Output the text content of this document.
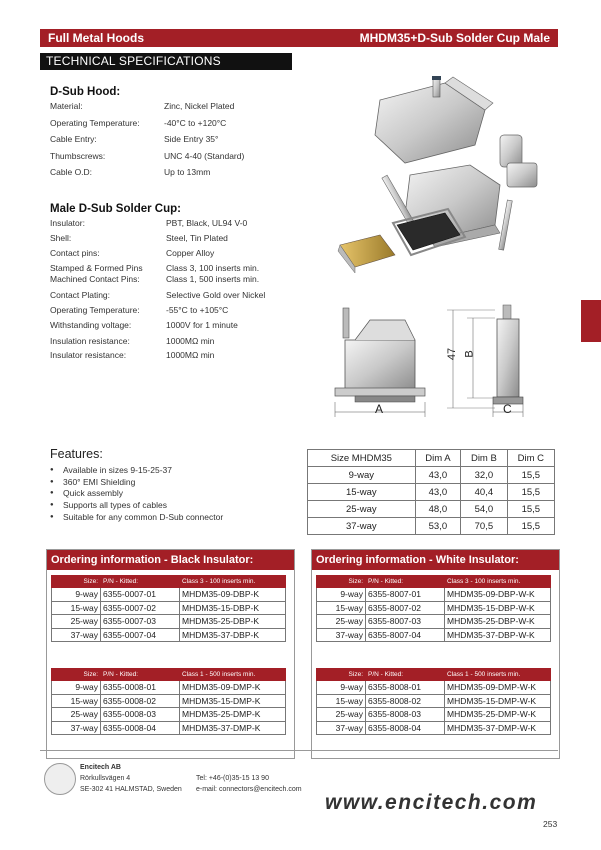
Full Metal Hoods	MHDM35+D-Sub Solder Cup Male
TECHNICAL SPECIFICATIONS
D-Sub Hood:
Material:	Zinc, Nickel Plated
Operating Temperature:	-40°C to +120°C
Cable Entry:	Side Entry 35°
Thumbscrews:	UNC 4-40 (Standard)
Cable O.D:	Up to 13mm
Male D-Sub Solder Cup:
Insulator:	PBT, Black, UL94 V-0
Shell:	Steel, Tin Plated
Contact pins:	Copper Alloy
Stamped & Formed Pins	Class 3, 100 inserts min.
Machined Contact Pins:	Class 1, 500 inserts min.
Contact Plating:	Selective Gold over Nickel
Operating Temperature:	-55°C to +105°C
Withstanding voltage:	1000V for 1 minute
Insulation resistance:	1000MΩ min
Insulator resistance:	1000MΩ min	47 B
A	C
Features:
● Available in sizes 9-15-25-37
● 360° EMI Shielding
● Quick assembly
● Supports all types of cables
● Suitable for any common D-Sub connector
Size MHDM35	Dim A	Dim B	Dim C
9-way	43,0	32,0	15,5
15-way	43,0	40,4	15,5
25-way	48,0	54,0	15,5
37-way	53,0	70,5	15,5
Ordering information - Black Insulator:
Size:	P/N - Kitted:	Class 3 - 100 inserts min.
9-way	6355-0007-01	MHDM35-09-DBP-K
15-way	6355-0007-02	MHDM35-15-DBP-K
25-way	6355-0007-03	MHDM35-25-DBP-K
37-way	6355-0007-04	MHDM35-37-DBP-K
Size:	P/N - Kitted:	Class 1 - 500 inserts min.
9-way	6355-0008-01	MHDM35-09-DMP-K
15-way	6355-0008-02	MHDM35-15-DMP-K
25-way	6355-0008-03	MHDM35-25-DMP-K
37-way	6355-0008-04	MHDM35-37-DMP-K
Ordering information - White Insulator:
Size:	P/N - Kitted:	Class 3 - 100 inserts min.
9-way	6355-8007-01	MHDM35-09-DBP-W-K
15-way	6355-8007-02	MHDM35-15-DBP-W-K
25-way	6355-8007-03	MHDM35-25-DBP-W-K
37-way	6355-8007-04	MHDM35-37-DBP-W-K
Size:	P/N - Kitted:	Class 1 - 500 inserts min.
9-way	6355-8008-01	MHDM35-09-DMP-W-K
15-way	6355-8008-02	MHDM35-15-DMP-W-K
25-way	6355-8008-03	MHDM35-25-DMP-W-K
37-way	6355-8008-04	MHDM35-37-DMP-W-K
Encitech AB
Rörkullsvägen 4
SE-302 41 HALMSTAD, Sweden
Tel: +46-(0)35-15 13 90
e-mail: connectors@encitech.com
www.encitech.com
253
